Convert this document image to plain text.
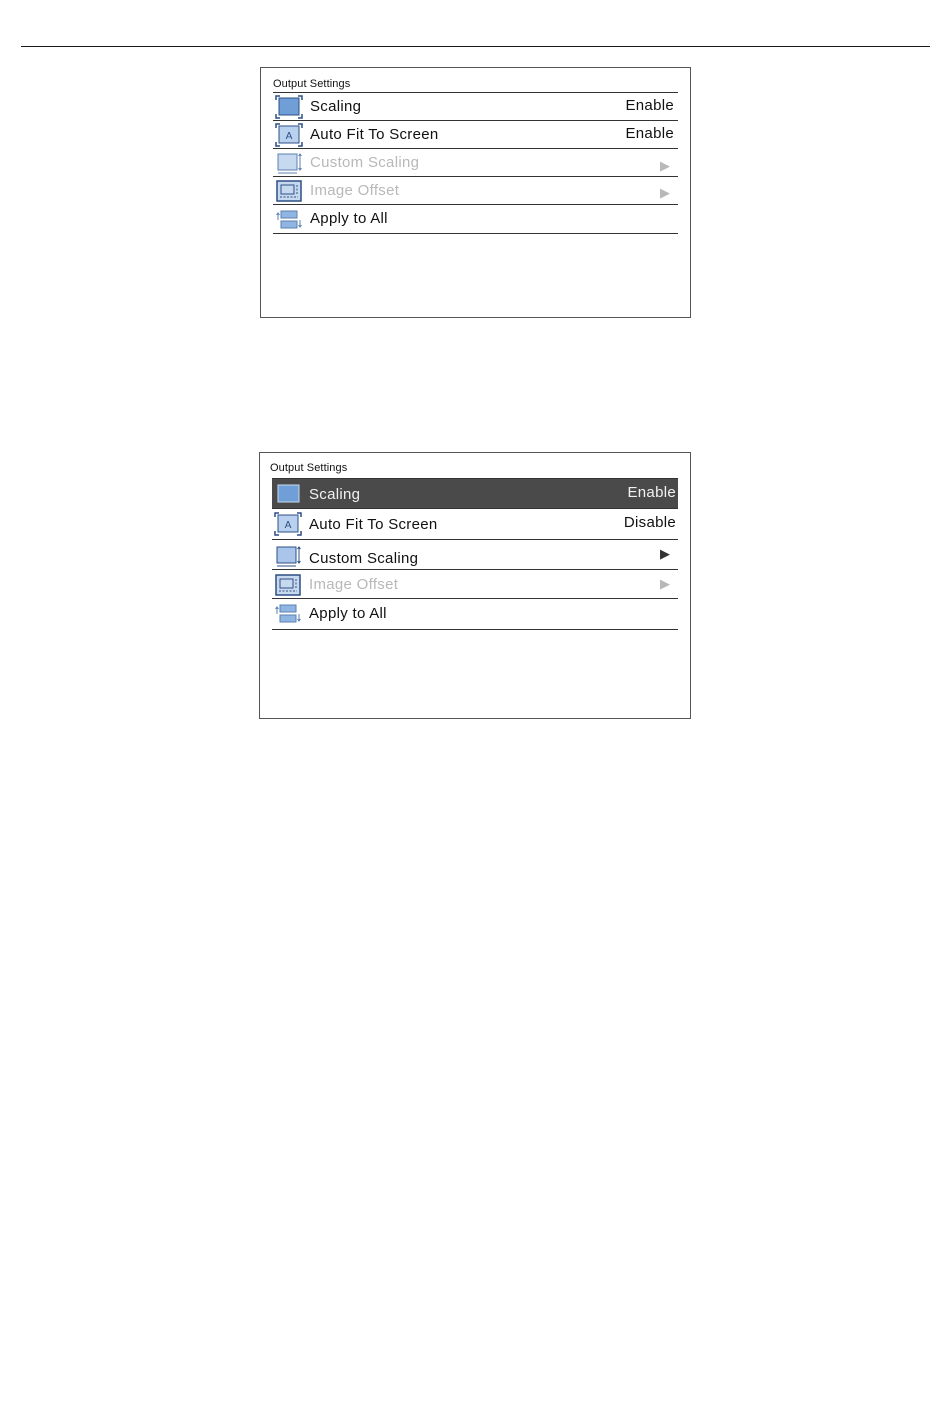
Output Settings
Scaling	Enable
A Auto Fit To Screen	Enable
Custom Scaling	▶
Image Offset	▶
Apply to All
Output Settings
Scaling	Enable
A Auto Fit To Screen	Disable
Custom Scaling	▶
Image Offset	▶
Apply to All
